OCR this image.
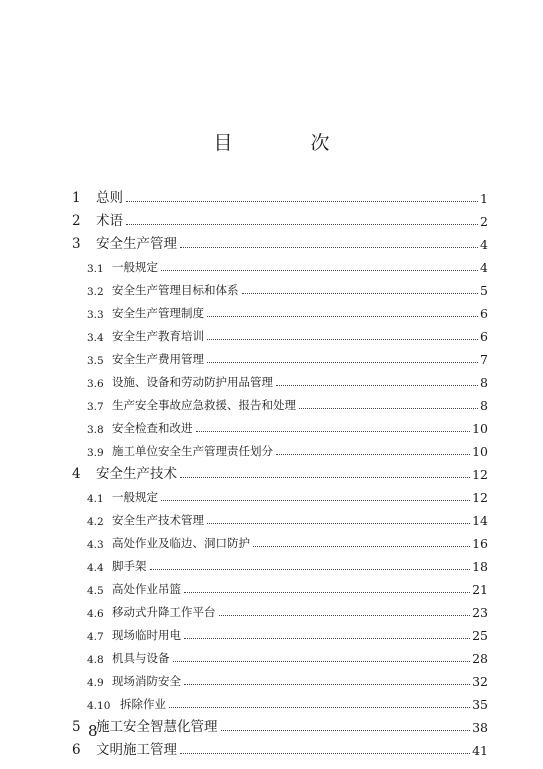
目 次
1	总则	1
2	术语	2
3	安全生产管理	4
3.1 一般规定	4
3.2 安全生产管理目标和体系	5
3.3 安全生产管理制度	6
3.4 安全生产教育培训	6
3.5 安全生产费用管理	7
3.6 设施、设备和劳动防护用品管理	8
3.7 生产安全事故应急救援、报告和处理	8
3.8 安全检查和改进	10
3.9 施工单位安全生产管理责任划分	10
4	安全生产技术	12
4.1 一般规定	12
4.2 安全生产技术管理	14
4.3 高处作业及临边、洞口防护	16
4.4 脚手架	18
4.5 高处作业吊篮	21
4.6 移动式升降工作平台	23
4.7 现场临时用电	25
4.8 机具与设备	28
4.9 现场消防安全	32
4.10 拆除作业	35
5	施工安全智慧化管理	38
6	文明施工管理	41
8
